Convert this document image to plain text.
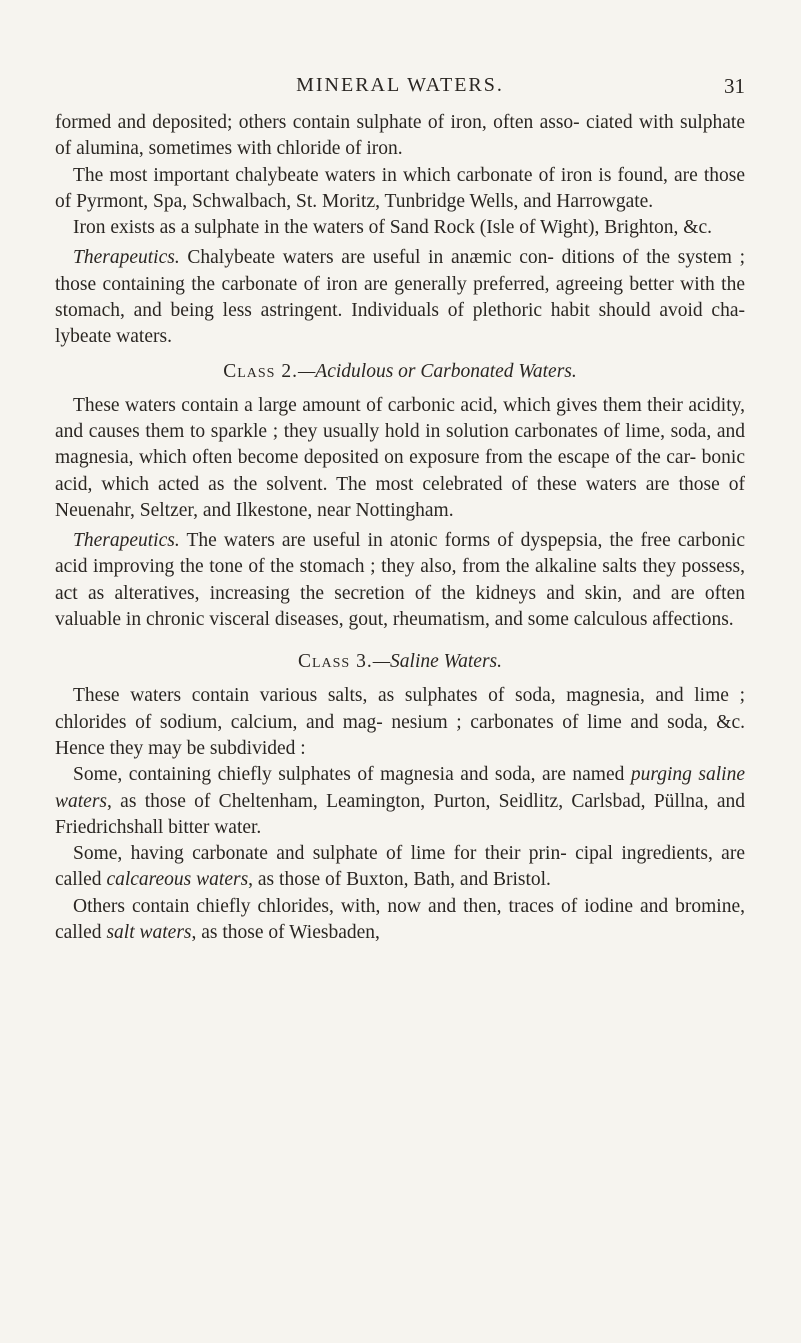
MINERAL WATERS.	31

formed and deposited; others contain sulphate of iron, often asso- ciated with sulphate of alumina, sometimes with chloride of iron.

The most important chalybeate waters in which carbonate of iron is found, are those of Pyrmont, Spa, Schwalbach, St. Moritz, Tunbridge Wells, and Harrowgate.

Iron exists as a sulphate in the waters of Sand Rock (Isle of Wight), Brighton, &c.

Therapeutics. Chalybeate waters are useful in anæmic con- ditions of the system ; those containing the carbonate of iron are generally preferred, agreeing better with the stomach, and being less astringent. Individuals of plethoric habit should avoid cha- lybeate waters.

Class 2.—Acidulous or Carbonated Waters.

These waters contain a large amount of carbonic acid, which gives them their acidity, and causes them to sparkle ; they usually hold in solution carbonates of lime, soda, and magnesia, which often become deposited on exposure from the escape of the car- bonic acid, which acted as the solvent. The most celebrated of these waters are those of Neuenahr, Seltzer, and Ilkestone, near Nottingham.

Therapeutics. The waters are useful in atonic forms of dyspepsia, the free carbonic acid improving the tone of the stomach ; they also, from the alkaline salts they possess, act as alteratives, increasing the secretion of the kidneys and skin, and are often valuable in chronic visceral diseases, gout, rheumatism, and some calculous affections.

Class 3.—Saline Waters.

These waters contain various salts, as sulphates of soda, magnesia, and lime ; chlorides of sodium, calcium, and mag- nesium ; carbonates of lime and soda, &c. Hence they may be subdivided :

Some, containing chiefly sulphates of magnesia and soda, are named purging saline waters, as those of Cheltenham, Leamington, Purton, Seidlitz, Carlsbad, Püllna, and Friedrichshall bitter water.

Some, having carbonate and sulphate of lime for their prin- cipal ingredients, are called calcareous waters, as those of Buxton, Bath, and Bristol.

Others contain chiefly chlorides, with, now and then, traces of iodine and bromine, called salt waters, as those of Wiesbaden,
